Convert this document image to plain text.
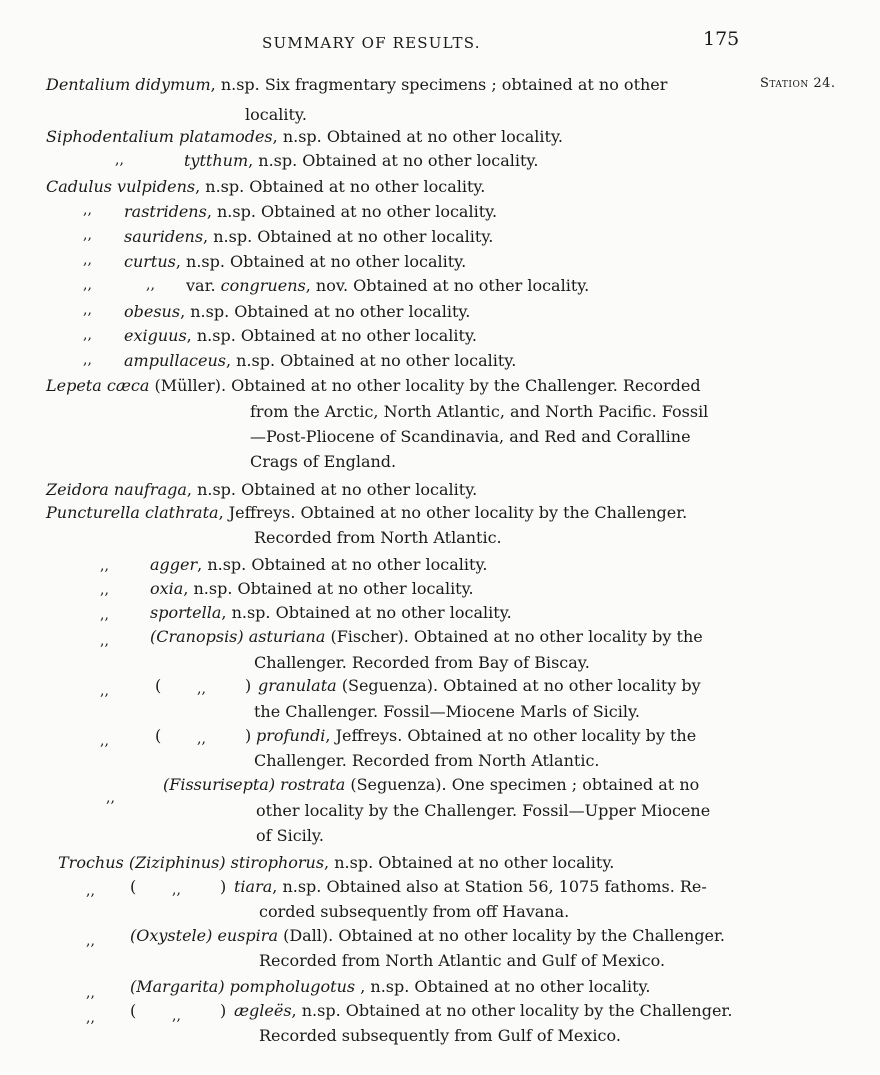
SUMMARY OF RESULTS.	175
Station 24.
Dentalium didymum, n.sp. Six fragmentary specimens ; obtained at no other
locality.
Siphodentalium platamodes, n.sp. Obtained at no other locality.
,,	tytthum, n.sp. Obtained at no other locality.
Cadulus vulpidens, n.sp. Obtained at no other locality.
,, rastridens, n.sp. Obtained at no other locality.
,, sauridens, n.sp. Obtained at no other locality.
,, curtus, n.sp. Obtained at no other locality.
,,	,, var. congruens, nov. Obtained at no other locality.
,, obesus, n.sp. Obtained at no other locality.
,, exiguus, n.sp. Obtained at no other locality.
,, ampullaceus, n.sp. Obtained at no other locality.
Lepeta cæca (Müller). Obtained at no other locality by the Challenger. Recorded
from the Arctic, North Atlantic, and North Pacific. Fossil
—Post-Pliocene of Scandinavia, and Red and Coralline
Crags of England.
Zeidora naufraga, n.sp. Obtained at no other locality.
Puncturella clathrata, Jeffreys. Obtained at no other locality by the Challenger.
Recorded from North Atlantic.
,,	agger, n.sp. Obtained at no other locality.
,,	oxia, n.sp. Obtained at no other locality.
,,	sportella, n.sp. Obtained at no other locality.
,,	(Cranopsis) asturiana (Fischer). Obtained at no other locality by the
Challenger. Recorded from Bay of Biscay.
,,	(	,, ) granulata (Seguenza). Obtained at no other locality by
the Challenger. Fossil—Miocene Marls of Sicily.
,,	(	,, ) profundi, Jeffreys. Obtained at no other locality by the
Challenger. Recorded from North Atlantic.
,,
(Fissurisepta) rostrata (Seguenza). One specimen ; obtained at no
other locality by the Challenger. Fossil—Upper Miocene
of Sicily.
Trochus (Ziziphinus) stirophorus, n.sp. Obtained at no other locality.
,, (	,, ) tiara, n.sp. Obtained also at Station 56, 1075 fathoms. Re-
corded subsequently from off Havana.
,, (Oxystele) euspira (Dall). Obtained at no other locality by the Challenger.
Recorded from North Atlantic and Gulf of Mexico.
,, (Margarita) pompholugotus , n.sp. Obtained at no other locality.
,, (	,, ) ægleës, n.sp. Obtained at no other locality by the Challenger.
Recorded subsequently from Gulf of Mexico.
